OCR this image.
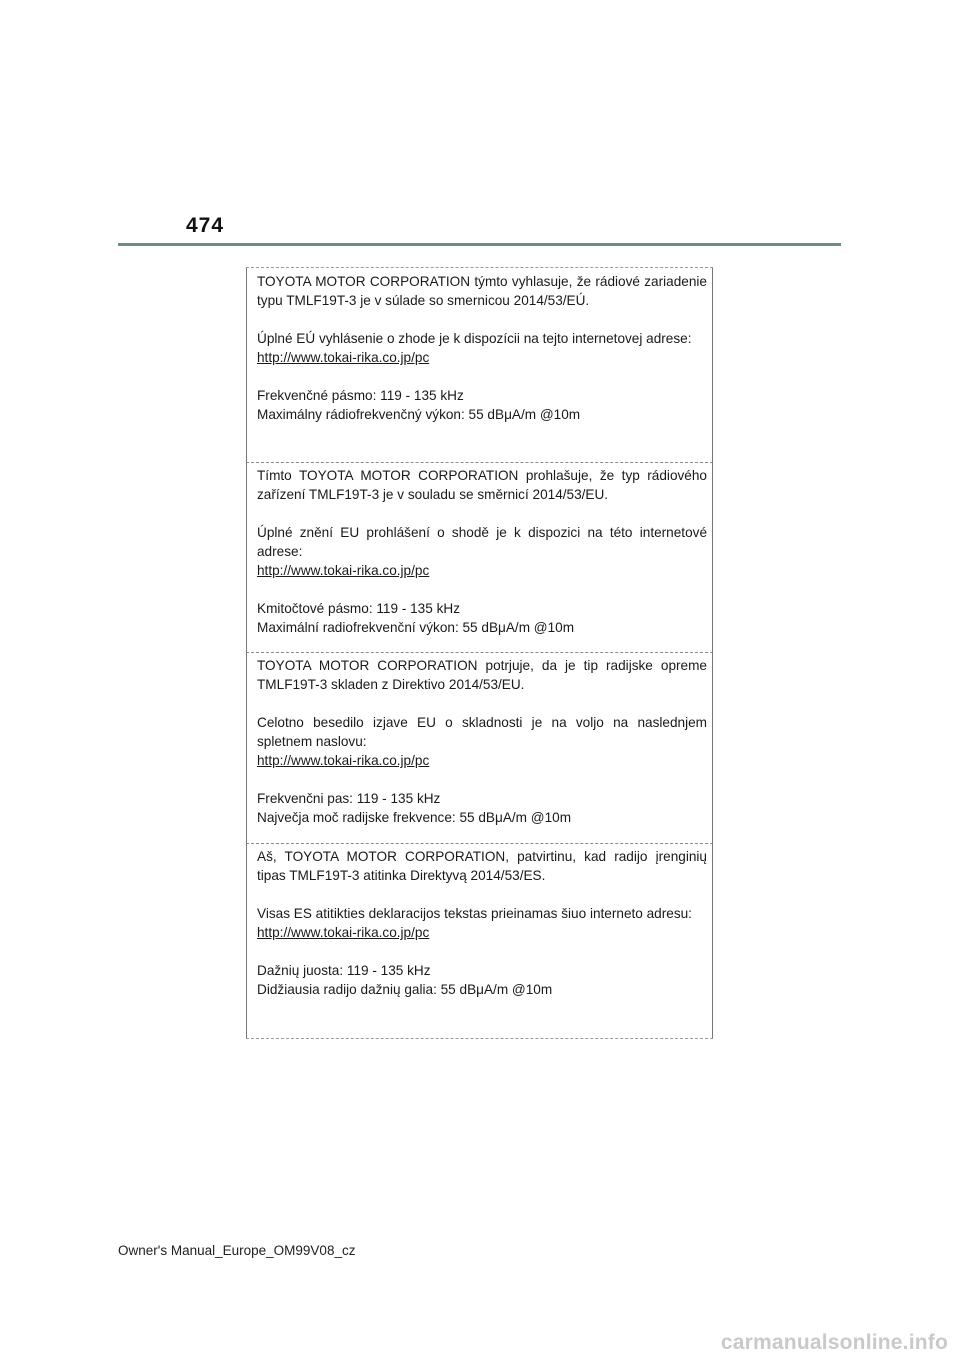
474

TOYOTA MOTOR CORPORATION týmto vyhlasuje, že rádiové zariadenie typu TMLF19T-3 je v súlade so smernicou 2014/53/EÚ.

Úplné EÚ vyhlásenie o zhode je k dispozícii na tejto internetovej adrese:

http://www.tokai-rika.co.jp/pc
Frekvenčné pásmo: 119 - 135 kHz
Maximálny rádiofrekvenčný výkon: 55 dBμA/m @10m

Tímto TOYOTA MOTOR CORPORATION prohlašuje, že typ rádiového zařízení TMLF19T-3 je v souladu se směrnicí 2014/53/EU.

Úplné znění EU prohlášení o shodě je k dispozici na této internetové adrese:

http://www.tokai-rika.co.jp/pc
Kmitočtové pásmo: 119 - 135 kHz
Maximální radiofrekvenční výkon: 55 dBμA/m @10m

TOYOTA MOTOR CORPORATION potrjuje, da je tip radijske opreme TMLF19T-3 skladen z Direktivo 2014/53/EU.

Celotno besedilo izjave EU o skladnosti je na voljo na naslednjem spletnem naslovu:

http://www.tokai-rika.co.jp/pc
Frekvenčni pas: 119 - 135 kHz
Največja moč radijske frekvence: 55 dBμA/m @10m

Aš, TOYOTA MOTOR CORPORATION, patvirtinu, kad radijo įrenginių tipas TMLF19T-3 atitinka Direktyvą 2014/53/ES.

Visas ES atitikties deklaracijos tekstas prieinamas šiuo interneto adresu:

http://www.tokai-rika.co.jp/pc
Dažnių juosta: 119 - 135 kHz
Didžiausia radijo dažnių galia: 55 dBμA/m @10m
Owner's Manual_Europe_OM99V08_cz
carmanualsonline.info
